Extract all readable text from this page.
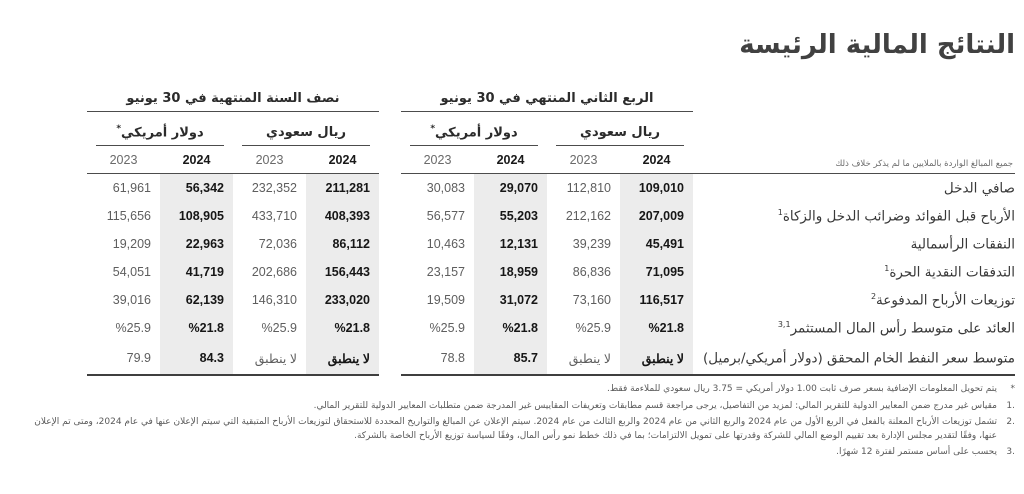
النتائج المالية الرئيسة
جميع المبالغ الواردة بالملايين ما لم يذكر خلاف ذلك	الربع الثاني المنتهي في 30 يونيو					نصف السنة المنتهية في 30 يونيو			

	ريال سعودي		دولار أمريكي*			ريال سعودي		دولار أمريكي*

	2024	2023	2024	2023		2024	2023	2024	2023
صافي الدخل	109,010	112,810	29,070	30,083		211,281	232,352	56,342	61,961
الأرباح قبل الفوائد وضرائب الدخل والزكاة$^1$	207,009	212,162	55,203	56,577		408,393	433,710	108,905	115,656
النفقات الرأسمالية	45,491	39,239	12,131	10,463		86,112	72,036	22,963	19,209
التدفقات النقدية الحرة$^1$	71,095	86,836	18,959	23,157		156,443	202,686	41,719	54,051
توزيعات الأرباح المدفوعة$^2$	116,517	73,160	31,072	19,509		233,020	146,310	62,139	39,016
العائد على متوسط رأس المال المستثمر$^{3,1}$	%21.8	%25.9	%21.8	%25.9		%21.8	%25.9	%21.8	%25.9
متوسط سعر النفط الخام المحقق (دولار أمريكي/برميل)	لا ينطبق	لا ينطبق	85.7	78.8		لا ينطبق	لا ينطبق	84.3	79.9
*
يتم تحويل المعلومات الإضافية بسعر صرف ثابت 1.00 دولار أمريكي = 3.75 ريال سعودي للملاءمة فقط.
1.
مقياس غير مدرج ضمن المعايير الدولية للتقرير المالي: لمزيد من التفاصيل، يرجى مراجعة قسم مطابقات وتعريفات المقاييس غير المدرجة ضمن متطلبات المعايير الدولية للتقرير المالي.
2.
تشمل توزيعات الأرباح المعلنة بالفعل في الربع الأول من عام 2024 والربع الثاني من عام 2024 والربع الثالث من عام 2024. سيتم الإعلان عن المبالغ والتواريخ المحددة للاستحقاق لتوزيعات الأرباح المتبقية التي سيتم الإعلان عنها في عام 2024، ومتى تم الإعلان عنها، وفقًا لتقدير مجلس الإدارة بعد تقييم الوضع المالي للشركة وقدرتها على تمويل الالتزامات؛ بما في ذلك خطط نمو رأس المال، وفقًا لسياسة توزيع الأرباح الخاصة بالشركة.
3.
يحسب على أساس مستمر لفترة 12 شهرًا.
